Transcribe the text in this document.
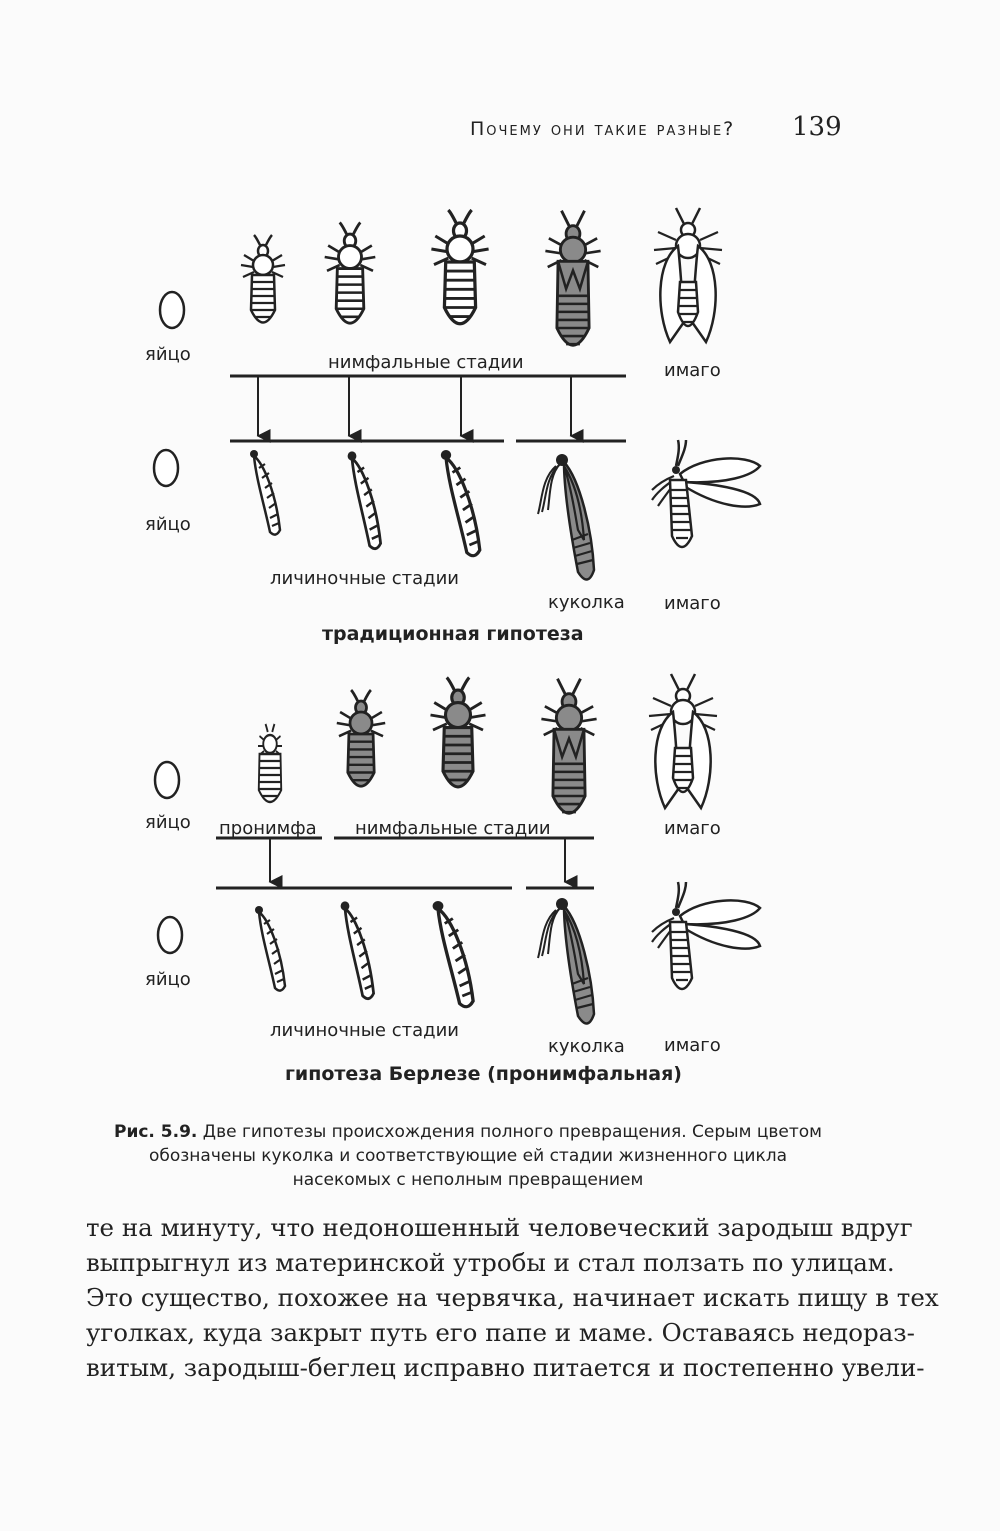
Почему они такие разные? 139
яйцо	нимфальные стадии	имаго
яйцо
личиночные стадии
куколка имаго
традиционная гипотеза
яйцо пронимфа нимфальные стадии	имаго
яйцо
личиночные стадии
куколка имаго
гипотеза Берлезе (пронимфальная)
Рис. 5.9. Две гипотезы происхождения полного превращения. Серым цветом обозначены куколка и соответствующие ей стадии жизненного цикла насекомых с неполным превращением
те на минуту, что недоношенный человеческий зародыш вдруг
выпрыгнул из материнской утробы и стал ползать по улицам.
Это существо, похожее на червячка, начинает искать пищу в тех
уголках, куда закрыт путь его папе и маме. Оставаясь недораз-
витым, зародыш-беглец исправно питается и постепенно увели-
